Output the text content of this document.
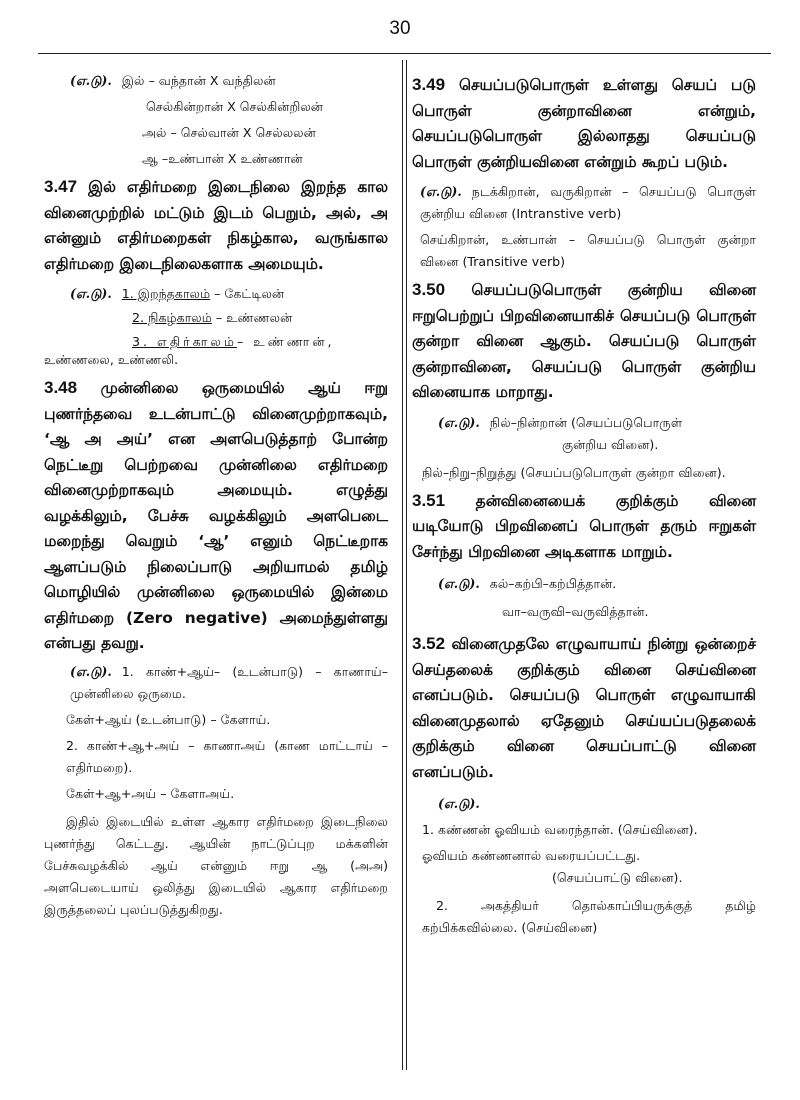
30

(எ.டு). இல் – வந்தான் X வந்திலன்

செல்கின்றான் X செல்கின்றிலன்

அல் – செல்வான் X செல்லலன்

ஆ –உண்பான் X உண்ணான்

3.47 இல் எதிர்மறை இடைநிலை இறந்த கால வினைமுற்றில் மட்டும் இடம் பெறும், அல், அ என்னும் எதிர்மறைகள் நிகழ்கால, வருங்கால எதிர்மறை இடைநிலைகளாக அமையும்.

(எ.டு). 1. இறந்தகாலம் – கேட்டிலன்

2. நிகழ்காலம் – உண்ணலன்

3. எதிர்காலம்– உண்ணான்,

உண்ணலை, உண்ணலி.

3.48 முன்னிலை ஒருமையில் ஆய் ஈறு புணர்ந்தவை உடன்பாட்டு வினைமுற்றாகவும், ‘ஆ அ அய்’ என அளபெடுத்தாற் போன்ற நெட்டீறு பெற்றவை முன்னிலை எதிர்மறை வினைமுற்றாகவும் அமையும். எழுத்து வழக்கிலும், பேச்சு வழக்கிலும் அளபெடை மறைந்து வெறும் ‘ஆ’ எனும் நெட்டீறாக ஆளப்படும் நிலைப்பாடு அறியாமல் தமிழ் மொழியில் முன்னிலை ஒருமையில் இன்மை எதிர்மறை (Zero negative) அமைந்துள்ளது என்பது தவறு.

(எ.டு). 1. காண்+ஆய்– (உடன்பாடு) – காணாய்– முன்னிலை ஒருமை.

கேள்+ஆய் (உடன்பாடு) – கேளாய்.

2. காண்+ஆ+அய் – காணாஅய் (காண மாட்டாய் – எதிர்மறை).

கேள்+ஆ+அய் – கேளாஅய்.

இதில் இடையில் உள்ள ஆகார எதிர்மறை இடைநிலை புணர்ந்து கெட்டது. ஆயின் நாட்டுப்புற மக்களின் பேச்சுவழக்கில் ஆய் என்னும் ஈறு ஆ (அஅ) அளபெடையாய் ஒலித்து இடையில் ஆகார எதிர்மறை இருத்தலைப் புலப்படுத்துகிறது.

3.49 செயப்படுபொருள் உள்ளது செயப் படு பொருள் குன்றாவினை என்றும், செயப்படுபொருள் இல்லாதது செயப்படு பொருள் குன்றியவினை என்றும் கூறப் படும்.

(எ.டு). நடக்கிறான், வருகிறான் – செயப்படு பொருள் குன்றிய வினை (Intranstive verb)

செய்கிறான், உண்பான் – செயப்படு பொருள் குன்றா வினை (Transitive verb)

3.50 செயப்படுபொருள் குன்றிய வினை ஈறுபெற்றுப் பிறவினையாகிச் செயப்படு பொருள் குன்றா வினை ஆகும். செயப்படு பொருள் குன்றாவினை, செயப்படு பொருள் குன்றிய வினையாக மாறாது.

(எ.டு). நில்–நின்றான் (செயப்படுபொருள்

குன்றிய வினை).

நில்–நிறு–நிறுத்து (செயப்படுபொருள் குன்றா வினை).

3.51 தன்வினையைக் குறிக்கும் வினை யடியோடு பிறவினைப் பொருள் தரும் ஈறுகள் சேர்ந்து பிறவினை அடிகளாக மாறும்.

(எ.டு). கல்–கற்பி–கற்பித்தான்.

வா–வருவி–வருவித்தான்.

3.52 வினைமுதலே எழுவாயாய் நின்று ஒன்றைச் செய்தலைக் குறிக்கும் வினை செய்வினை எனப்படும். செயப்படு பொருள் எழுவாயாகி வினைமுதலால் ஏதேனும் செய்யப்படுதலைக் குறிக்கும் வினை செயப்பாட்டு வினை எனப்படும்.

(எ.டு).

1. கண்ணன் ஓவியம் வரைந்தான். (செய்வினை).

ஓவியம் கண்ணனால் வரையப்பட்டது.

(செயப்பாட்டு வினை).

2. அகத்தியர் தொல்காப்பியருக்குத் தமிழ் கற்பிக்கவில்லை. (செய்வினை)
